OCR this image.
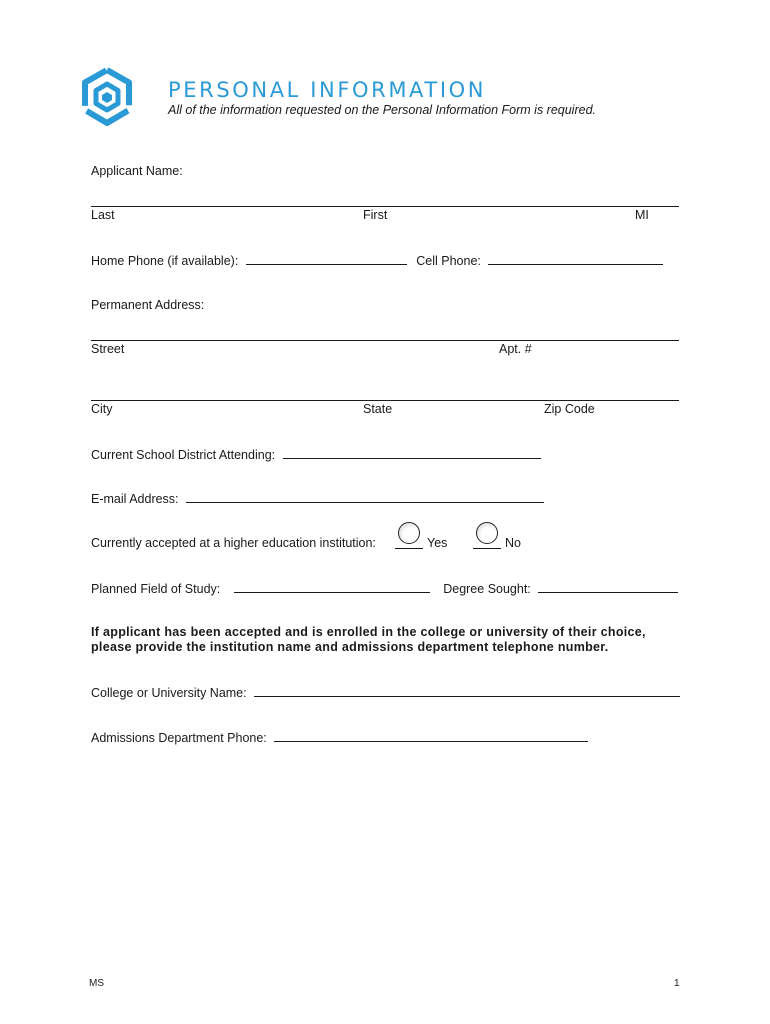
PERSONAL INFORMATION
All of the information requested on the Personal Information Form is required.
Applicant Name:
Last	First	MI
Home Phone (if available):	Cell Phone:
Permanent Address:
Street	Apt. #
City	State	Zip Code
Current School District Attending:
E-mail Address:
Currently accepted at a higher education institution:	Yes	No
Planned Field of Study:	Degree Sought:
If applicant has been accepted and is enrolled in the college or university of their choice, please provide the institution name and admissions department telephone number.
College or University Name:
Admissions Department Phone:
MS	1
